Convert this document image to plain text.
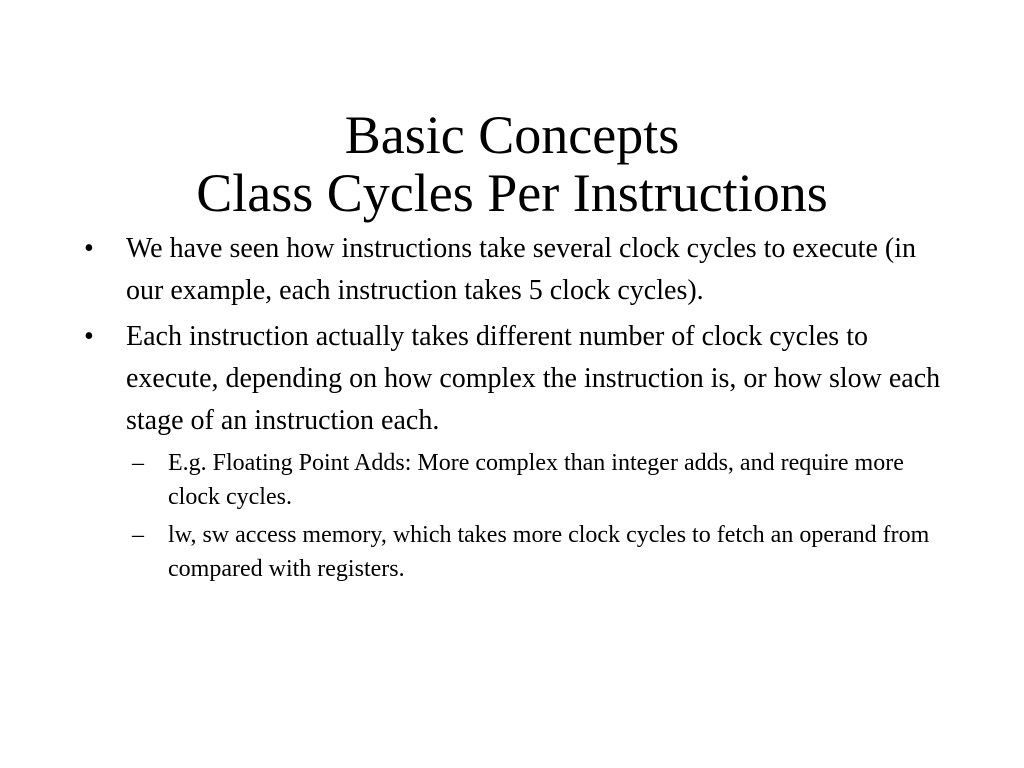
Basic Concepts
Class Cycles Per Instructions
•	We have seen how instructions take several clock cycles to execute (in our example, each instruction takes 5 clock cycles).
•	Each instruction actually takes different number of clock cycles to execute, depending on how complex the instruction is, or how slow each stage of an instruction each.
–	E.g. Floating Point Adds: More complex than integer adds, and require more clock cycles.
–	lw, sw access memory, which takes more clock cycles to fetch an operand from compared with registers.
